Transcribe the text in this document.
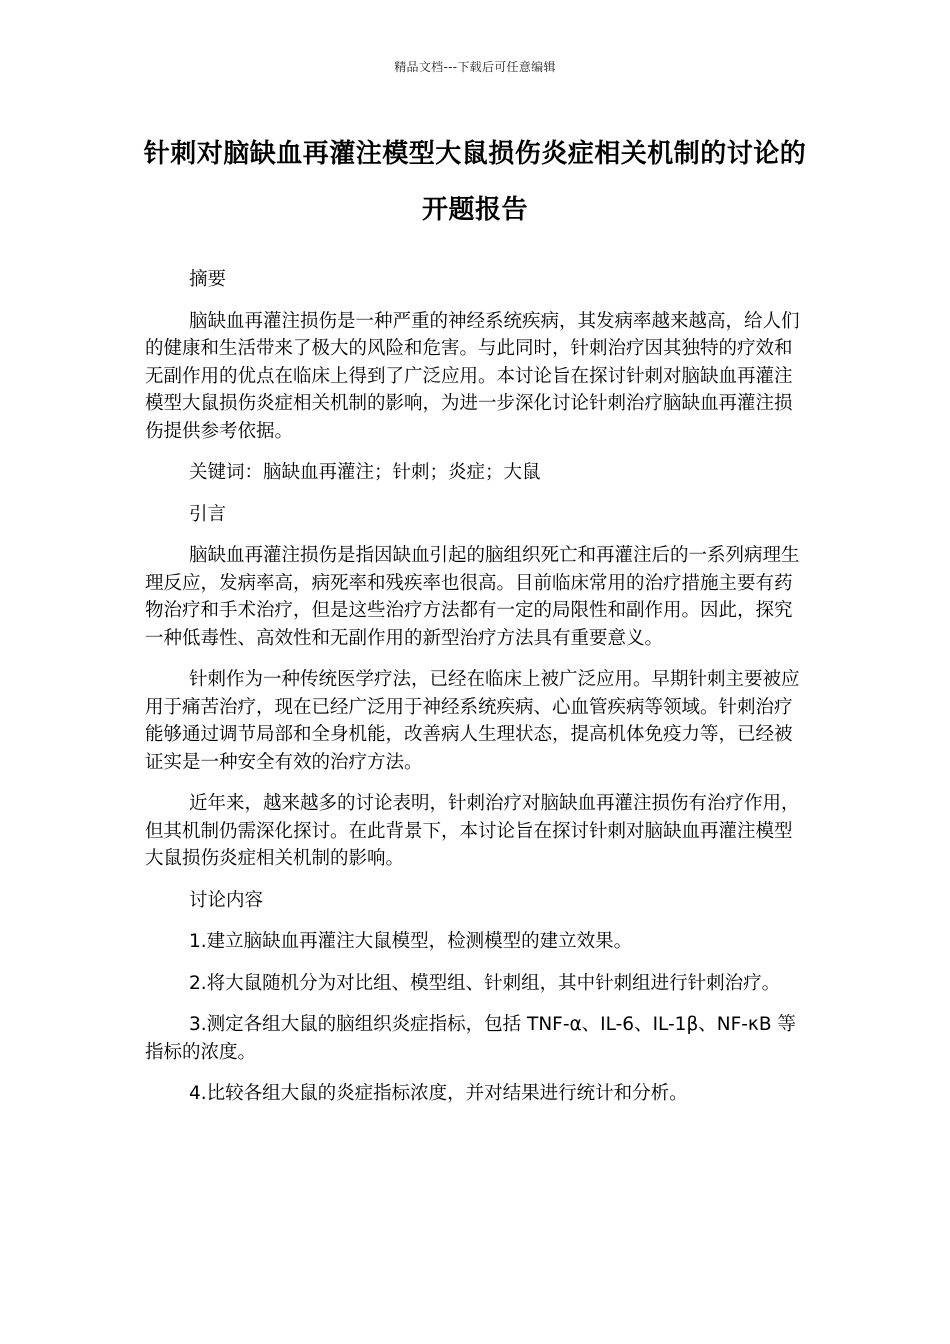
精品文档---下载后可任意编辑
针刺对脑缺血再灌注模型大鼠损伤炎症相关机制的讨论的开题报告

摘要

脑缺血再灌注损伤是一种严重的神经系统疾病，其发病率越来越高，给人们的健康和生活带来了极大的风险和危害。与此同时，针刺治疗因其独特的疗效和无副作用的优点在临床上得到了广泛应用。本讨论旨在探讨针刺对脑缺血再灌注模型大鼠损伤炎症相关机制的影响，为进一步深化讨论针刺治疗脑缺血再灌注损伤提供参考依据。

关键词：脑缺血再灌注；针刺；炎症；大鼠

引言

脑缺血再灌注损伤是指因缺血引起的脑组织死亡和再灌注后的一系列病理生理反应，发病率高，病死率和残疾率也很高。目前临床常用的治疗措施主要有药物治疗和手术治疗，但是这些治疗方法都有一定的局限性和副作用。因此，探究一种低毒性、高效性和无副作用的新型治疗方法具有重要意义。

针刺作为一种传统医学疗法，已经在临床上被广泛应用。早期针刺主要被应用于痛苦治疗，现在已经广泛用于神经系统疾病、心血管疾病等领域。针刺治疗能够通过调节局部和全身机能，改善病人生理状态，提高机体免疫力等，已经被证实是一种安全有效的治疗方法。

近年来，越来越多的讨论表明，针刺治疗对脑缺血再灌注损伤有治疗作用，但其机制仍需深化探讨。在此背景下，本讨论旨在探讨针刺对脑缺血再灌注模型大鼠损伤炎症相关机制的影响。

讨论内容

1.建立脑缺血再灌注大鼠模型，检测模型的建立效果。

2.将大鼠随机分为对比组、模型组、针刺组，其中针刺组进行针刺治疗。

3.测定各组大鼠的脑组织炎症指标，包括 TNF-α、IL-6、IL-1β、NF-κB 等指标的浓度。

4.比较各组大鼠的炎症指标浓度，并对结果进行统计和分析。
